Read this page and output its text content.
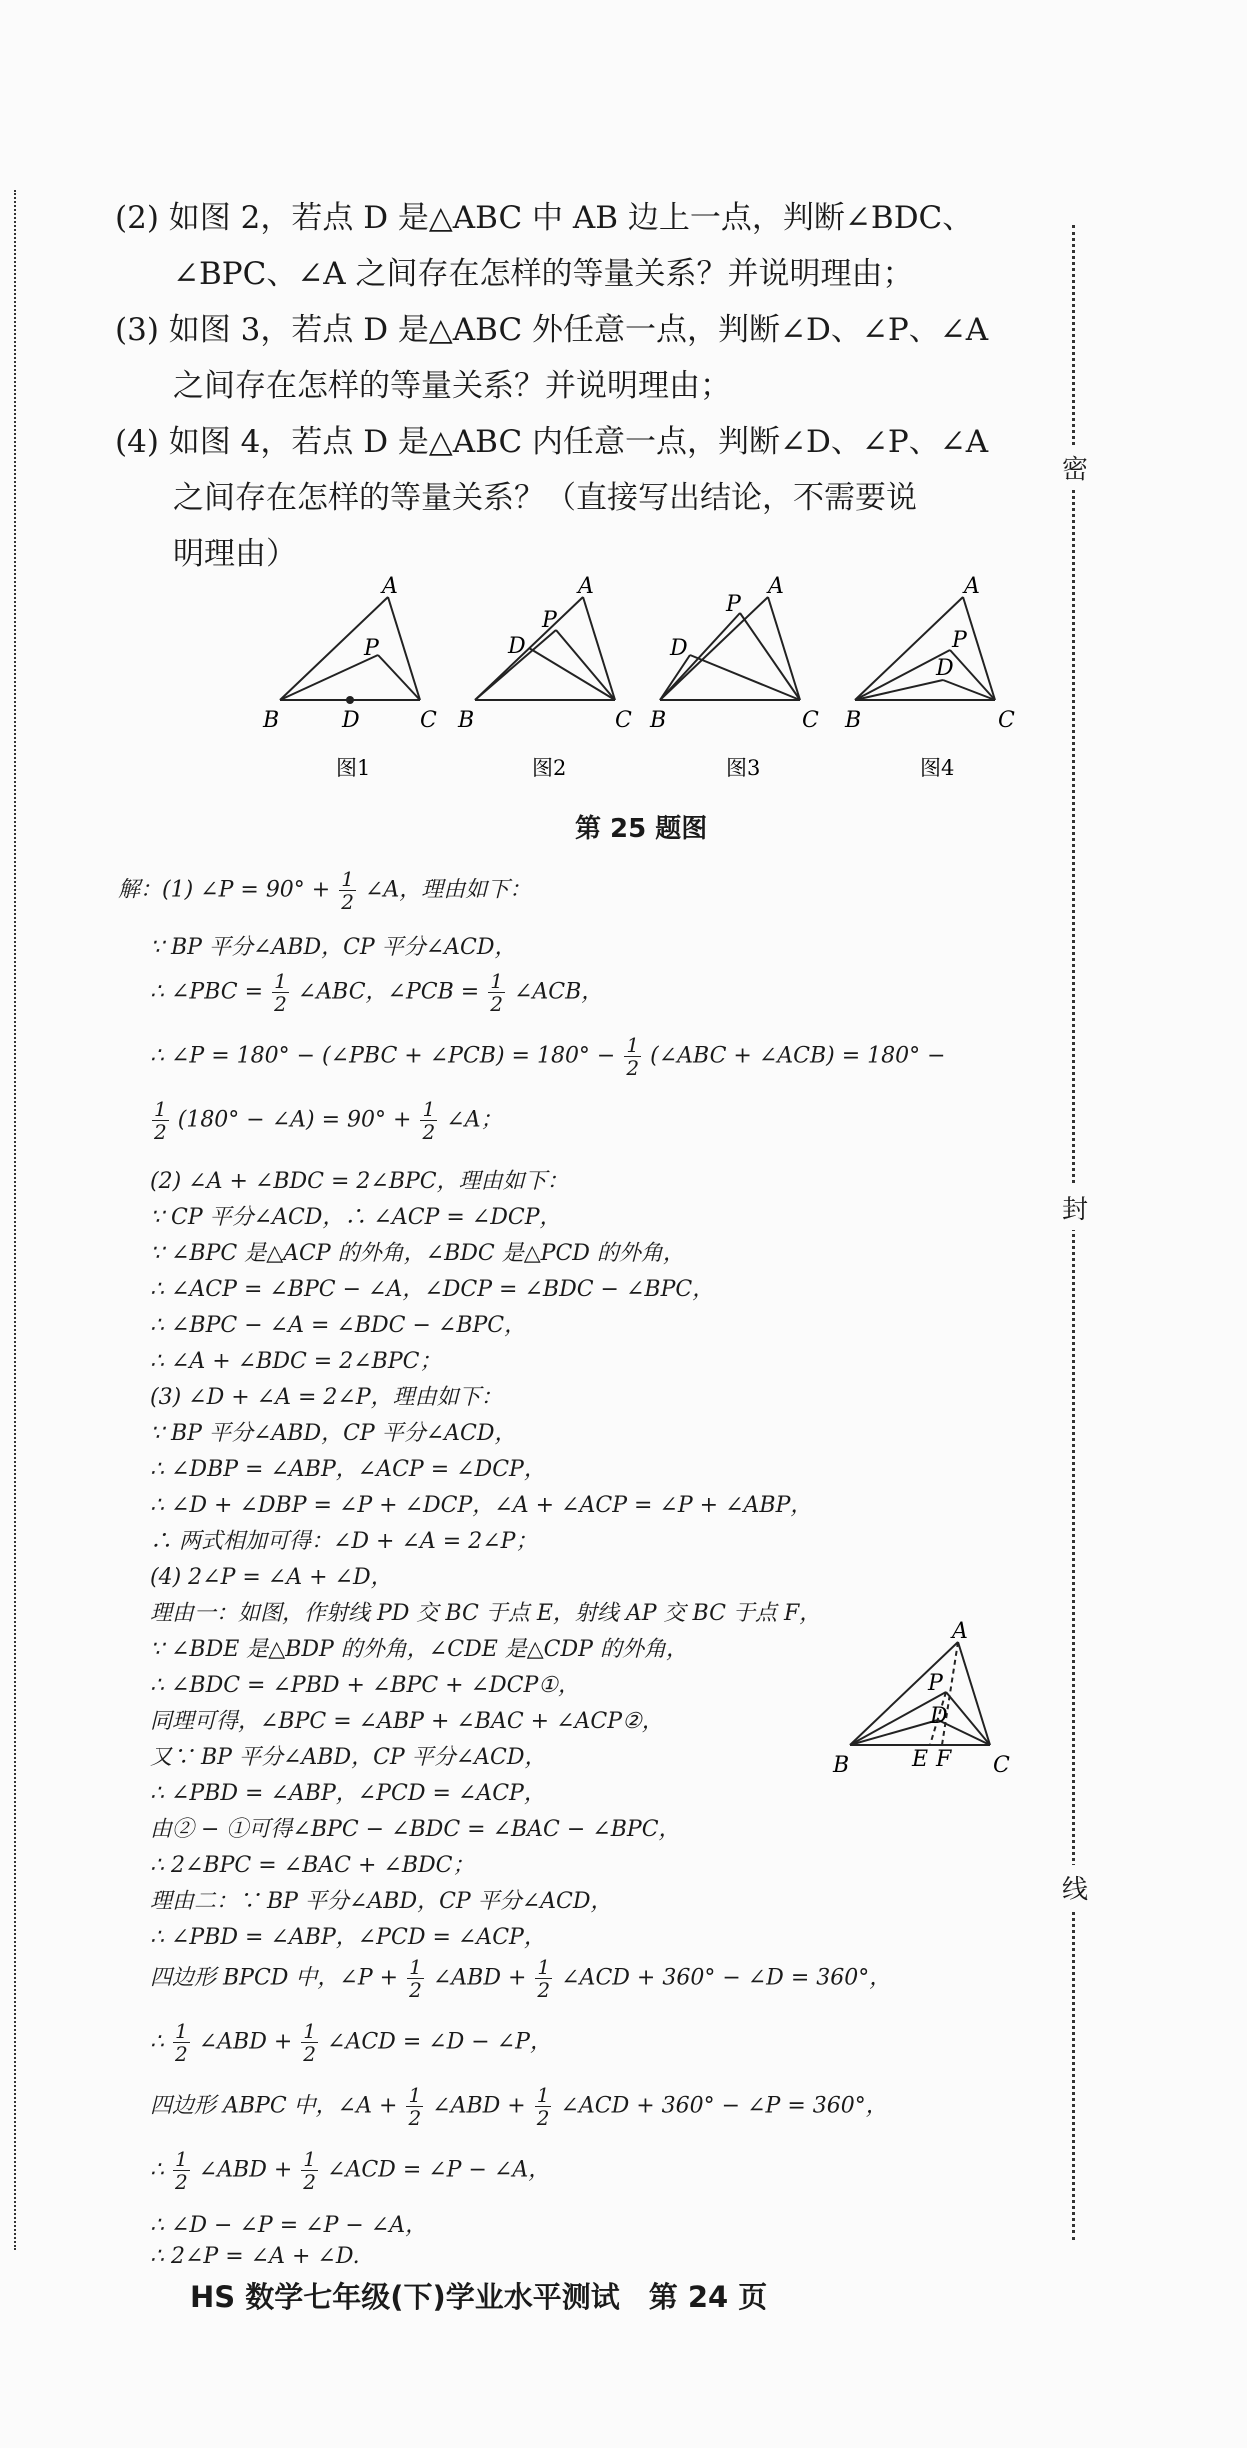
密
封
线
(2) 如图 2，若点 D 是△ABC 中 AB 边上一点，判断∠BDC、
∠BPC、∠A 之间存在怎样的等量关系？并说明理由；
(3) 如图 3，若点 D 是△ABC 外任意一点，判断∠D、∠P、∠A
之间存在怎样的等量关系？并说明理由；
(4) 如图 4，若点 D 是△ABC 内任意一点，判断∠D、∠P、∠A
之间存在怎样的等量关系？（直接写出结论，不需要说
明理由）
A
P
B	D	C
图1
A
P
D
B	C
图2
A
P
D
B	C
图3
A
P
D
B	C
图4
第 25 题图
解：(1) ∠P = $90^\circ + \frac{1}{2}$ ∠A，理由如下：
∵ BP 平分∠ABD，CP 平分∠ACD，
∴ ∠PBC = $\frac{1}{2}$ ∠ABC，∠PCB = $\frac{1}{2}$ ∠ACB，
∴ ∠P = 180° − (∠PBC + ∠PCB) = $180^\circ - \frac{1}{2}$ (∠ABC + ∠ACB) = 180° −
$\frac{1}{2} (180^\circ$ − ∠A) = $90^\circ + \frac{1}{2}$ ∠A；
(2) ∠A + ∠BDC = 2∠BPC，理由如下：
∵ CP 平分∠ACD，∴ ∠ACP = ∠DCP，
∵ ∠BPC 是△ACP 的外角，∠BDC 是△PCD 的外角，
∴ ∠ACP = ∠BPC − ∠A，∠DCP = ∠BDC − ∠BPC，
∴ ∠BPC − ∠A = ∠BDC − ∠BPC，
∴ ∠A + ∠BDC = 2∠BPC；
(3) ∠D + ∠A = 2∠P，理由如下：
∵ BP 平分∠ABD，CP 平分∠ACD，
∴ ∠DBP = ∠ABP，∠ACP = ∠DCP，
∴ ∠D + ∠DBP = ∠P + ∠DCP，∠A + ∠ACP = ∠P + ∠ABP，
∴ 两式相加可得：∠D + ∠A = 2∠P；
(4) 2∠P = ∠A + ∠D，
理由一：如图，作射线 PD 交 BC 于点 E，射线 AP 交 BC 于点 F，
∵ ∠BDE 是△BDP 的外角，∠CDE 是△CDP 的外角，
∴ ∠BDC = ∠PBD + ∠BPC + ∠DCP①，
同理可得，∠BPC = ∠ABP + ∠BAC + ∠ACP②，
又∵ BP 平分∠ABD，CP 平分∠ACD，
∴ ∠PBD = ∠ABP，∠PCD = ∠ACP，
由② − ①可得∠BPC − ∠BDC = ∠BAC − ∠BPC，
∴ 2∠BPC = ∠BAC + ∠BDC；
理由二：∵ BP 平分∠ABD，CP 平分∠ACD，
∴ ∠PBD = ∠ABP，∠PCD = ∠ACP，
四边形 BPCD 中，∠P + $\frac{1}{2}$ ∠ABD + $\frac{1}{2}$ ∠ACD + 360° − ∠D = 360°，
∴ $\frac{1}{2}$ ∠ABD + $\frac{1}{2}$ ∠ACD = ∠D − ∠P，
四边形 ABPC 中，∠A + $\frac{1}{2}$ ∠ABD + $\frac{1}{2}$ ∠ACD + 360° − ∠P = 360°，
∴ $\frac{1}{2}$ ∠ABD + $\frac{1}{2}$ ∠ACD = ∠P − ∠A，
∴ ∠D − ∠P = ∠P − ∠A，
∴ 2∠P = ∠A + ∠D.
A
P
D
B	E F C
HS 数学七年级(下)学业水平测试　第 24 页
